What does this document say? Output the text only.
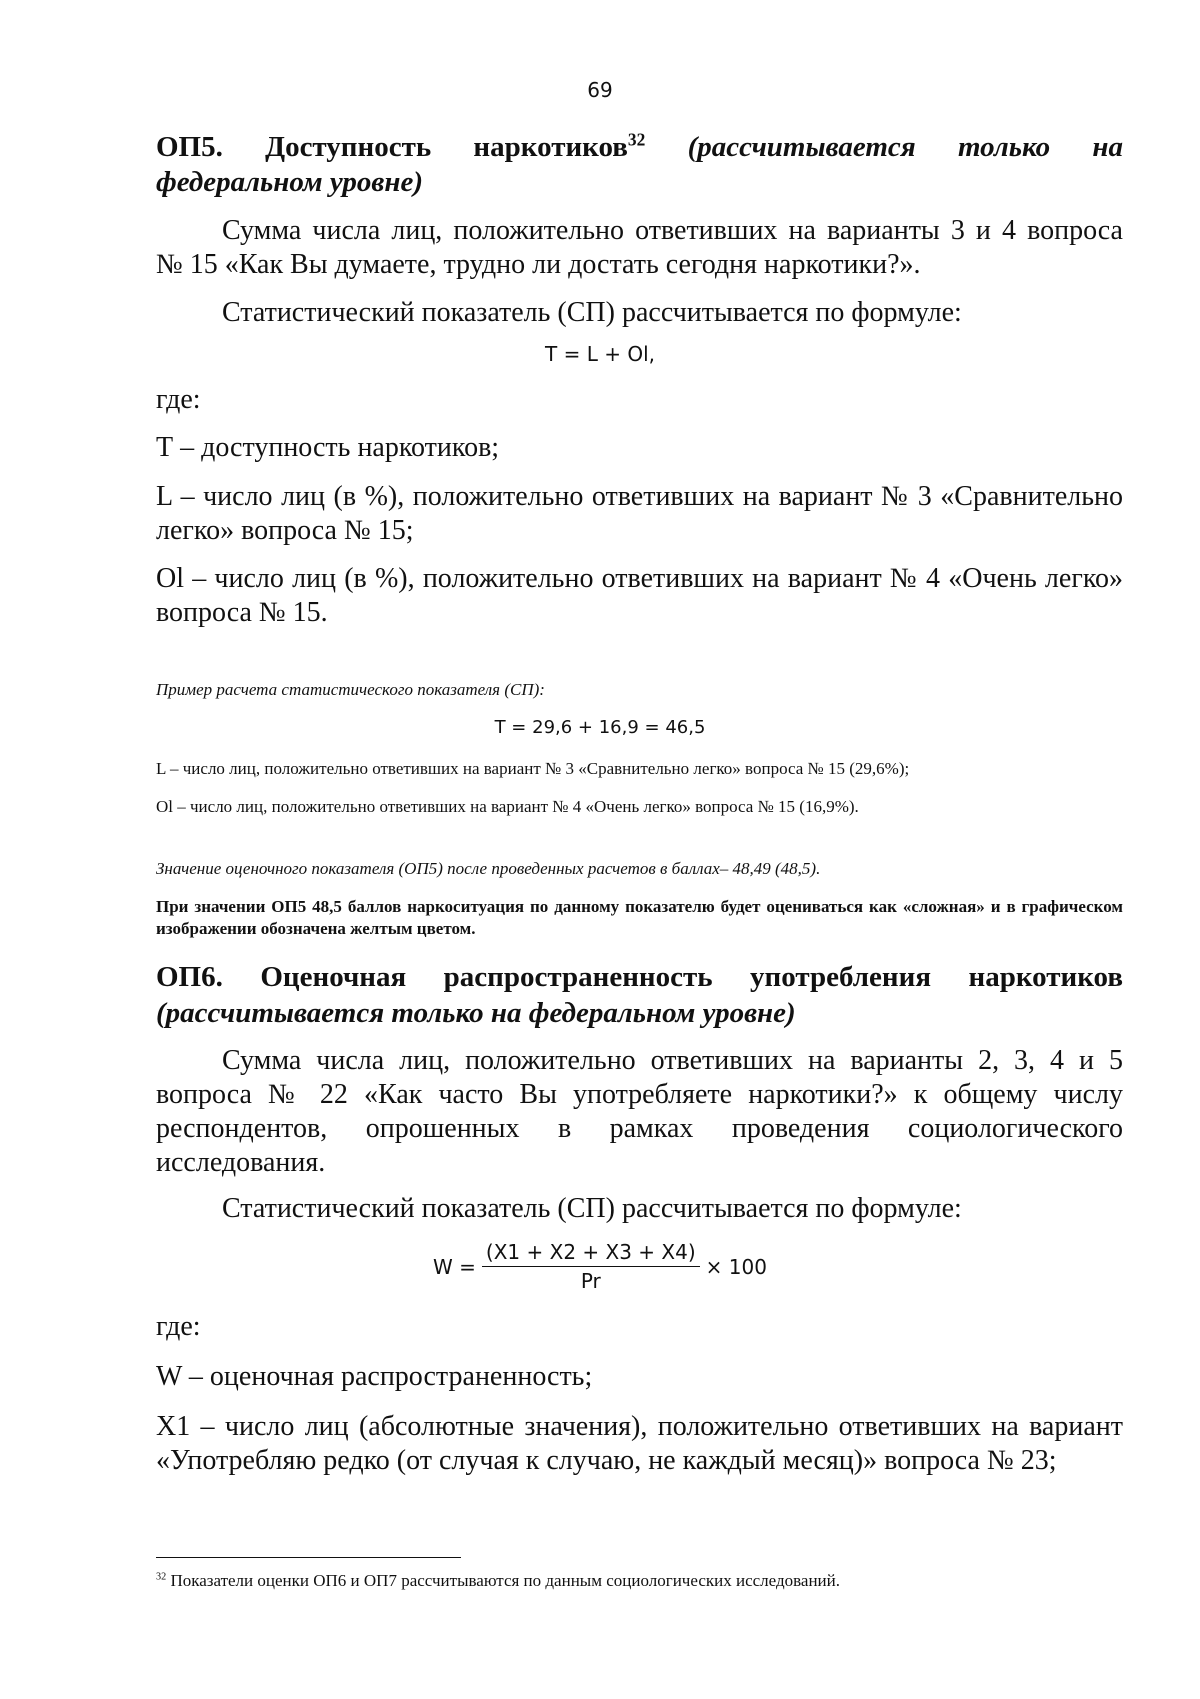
69
ОП5. Доступность наркотиков$^{32}$ (рассчитывается только на
федеральном уровне)
Сумма числа лиц, положительно ответивших на варианты 3 и 4 вопроса
№ 15 «Как Вы думаете, трудно ли достать сегодня наркотики?».
Статистический показатель (СП) рассчитывается по формуле:
T = L + Ol,
где:
Т – доступность наркотиков;
L – число лиц (в %), положительно ответивших на вариант № 3 «Сравнительно легко» вопроса № 15;
Ol – число лиц (в %), положительно ответивших на вариант № 4 «Очень легко» вопроса № 15.
Пример расчета статистического показателя (СП):
T = 29,6 + 16,9 = 46,5
L – число лиц, положительно ответивших на вариант № 3 «Сравнительно легко» вопроса № 15 (29,6%);
Ol – число лиц, положительно ответивших на вариант № 4 «Очень легко» вопроса № 15 (16,9%).
Значение оценочного показателя (ОП5) после проведенных расчетов в баллах– 48,49 (48,5).
При значении ОП5 48,5 баллов наркоситуация по данному показателю будет оцениваться как «сложная» и в графическом изображении обозначена желтым цветом.
ОП6. Оценочная распространенность употребления наркотиков
(рассчитывается только на федеральном уровне)
Сумма числа лиц, положительно ответивших на варианты 2, 3, 4 и 5 вопроса № 22 «Как часто Вы употребляете наркотики?» к общему числу респондентов, опрошенных в рамках проведения социологического исследования.
Статистический показатель (СП) рассчитывается по формуле:
$W = \frac{(X1 + X2 + X3 + X4)}{Pr} \times 100$
где:
W – оценочная распространенность;
X1 – число лиц (абсолютные значения), положительно ответивших на вариант «Употребляю редко (от случая к случаю, не каждый месяц)» вопроса № 23;
$^{32}$ Показатели оценки ОП6 и ОП7 рассчитываются по данным социологических исследований.
